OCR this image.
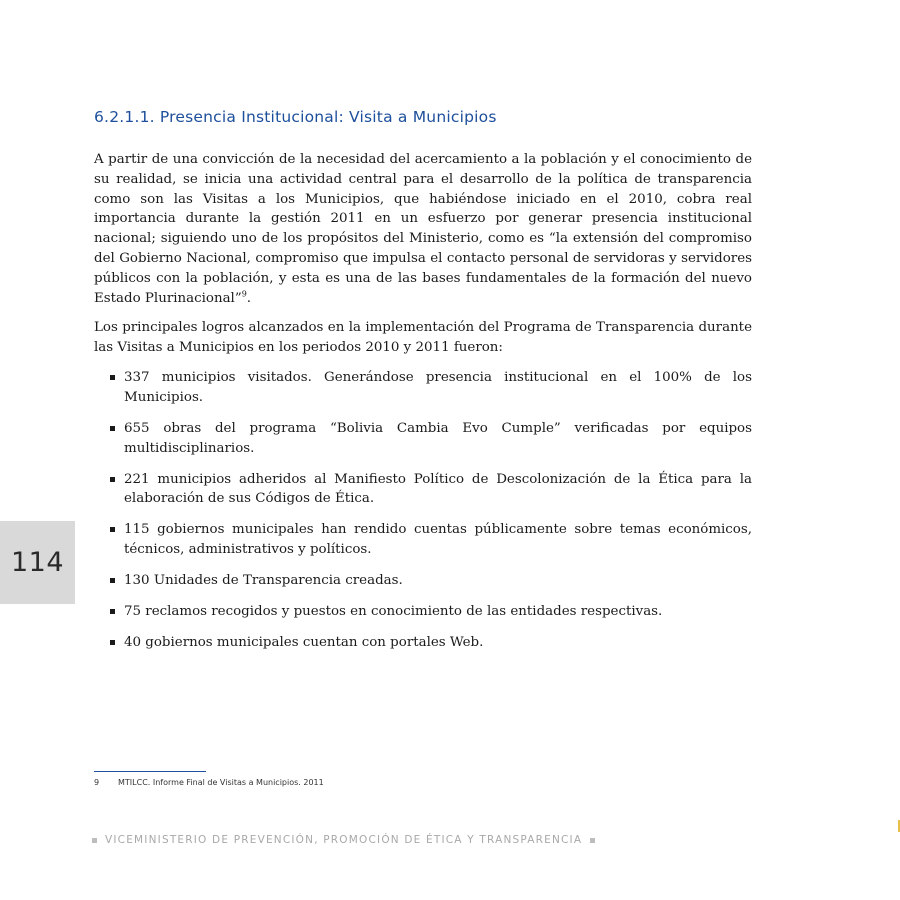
6.2.1.1. Presencia Institucional: Visita a Municipios

A partir de una convicción de la necesidad del acercamiento a la población y el conocimiento de su realidad, se inicia una actividad central para el desarrollo de la política de transparencia como son las Visitas a los Municipios, que habiéndose iniciado en el 2010, cobra real importancia durante la gestión 2011 en un esfuerzo por generar presencia institucional nacional; siguiendo uno de los propósitos del Ministerio, como es “la extensión del compromiso del Gobierno Nacional, compromiso que impulsa el contacto personal de servidoras y servidores públicos con la población, y esta es una de las bases fundamentales de la formación del nuevo Estado Plurinacional”$^9$.

Los principales logros alcanzados en la implementación del Programa de Transparencia durante las Visitas a Municipios en los periodos 2010 y 2011 fueron:

337 municipios visitados. Generándose presencia institucional en el 100% de los Municipios.
655 obras del programa “Bolivia Cambia Evo Cumple” verificadas por equipos multidisciplinarios.
221 municipios adheridos al Manifiesto Político de Descolonización de la Ética para la elaboración de sus Códigos de Ética.
115 gobiernos municipales han rendido cuentas públicamente sobre temas económicos, técnicos, administrativos y políticos.
130 Unidades de Transparencia creadas.
75 reclamos recogidos y puestos en conocimiento de las entidades respectivas.
40 gobiernos municipales cuentan con portales Web.
114
9 MTILCC. Informe Final de Visitas a Municipios. 2011
VICEMINISTERIO DE PREVENCIÓN, PROMOCIÓN DE ÉTICA Y TRANSPARENCIA
